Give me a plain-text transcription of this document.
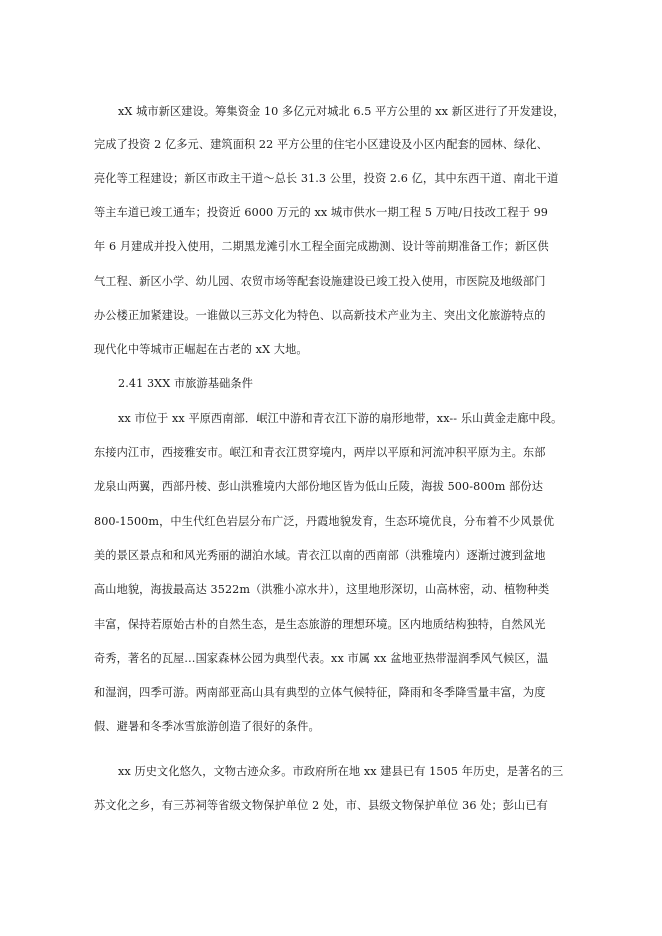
xX 城市新区建设。筹集资金 10 多亿元对城北 6.5 平方公里的 xx 新区进行了开发建设，
完成了投资 2 亿多元、建筑面积 22 平方公里的住宅小区建设及小区内配套的园林、绿化、
亮化等工程建设；新区市政主干道～总长 31.3 公里，投资 2.6 亿，其中东西干道、南北干道
等主车道已竣工通车；投资近 6000 万元的 xx 城市供水一期工程 5 万吨/日技改工程于 99
年 6 月建成并投入使用，二期黑龙滩引水工程全面完成勘测、设计等前期准备工作；新区供
气工程、新区小学、幼儿园、农贸市场等配套设施建设已竣工投入使用，市医院及地级部门
办公楼正加紧建设。一谁做以三苏文化为特色、以高新技术产业为主、突出文化旅游特点的
现代化中等城市正崛起在古老的 xX 大地。
2.41 3XX 市旅游基础条件
xx 市位于 xx 平原西南部．岷江中游和青衣江下游的扇形地带，xx-- 乐山黄金走廊中段。
东接内江市，西接雅安市。岷江和青衣江贯穿境内，两岸以平原和河流冲积平原为主。东部
龙泉山两翼，西部丹棱、彭山洪雅境内大部份地区皆为低山丘陵，海拔 500-800m 部份达
800-1500m，中生代红色岩层分布广泛，丹霞地貌发育，生态环境优良，分布着不少风景优
美的景区景点和和风光秀丽的湖泊水域。青衣江以南的西南部（洪雅境内）逐渐过渡到盆地
高山地貌，海拔最高达 3522m（洪雅小凉水井），这里地形深切，山高林密，动、植物种类
丰富，保持若原始古朴的自然生态，是生态旅游的理想环境。区内地质结构独特，自然风光
奇秀，著名的瓦屋…国家森林公园为典型代表。xx 市属 xx 盆地亚热带湿润季风气候区，温
和湿润，四季可游。两南部亚高山具有典型的立体气候特征，降雨和冬季降雪量丰富，为度
假、避暑和冬季冰雪旅游创造了很好的条件。
xx 历史文化悠久，文物古迹众多。市政府所在地 xx 建县已有 1505 年历史，是著名的三
苏文化之乡，有三苏祠等省级文物保护单位 2 处，市、县级文物保护单位 36 处；彭山已有
